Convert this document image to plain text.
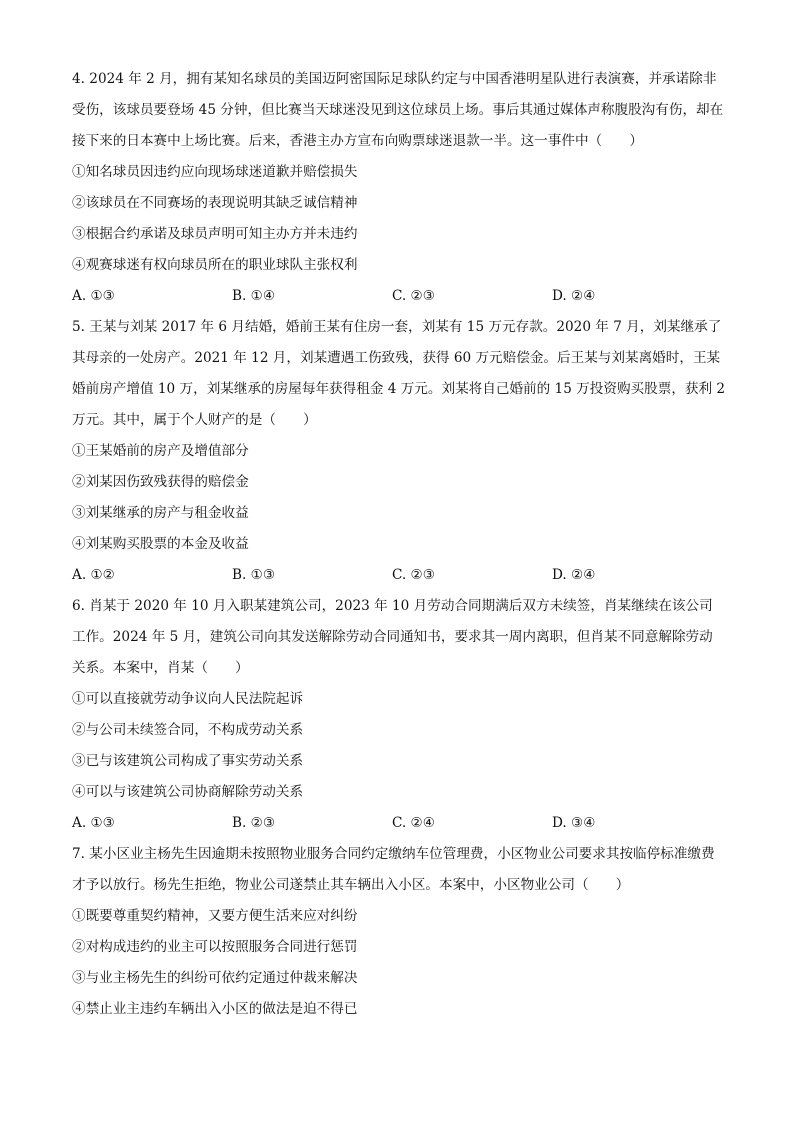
4. 2024 年 2 月，拥有某知名球员的美国迈阿密国际足球队约定与中国香港明星队进行表演赛，并承诺除非受伤，该球员要登场 45 分钟，但比赛当天球迷没见到这位球员上场。事后其通过媒体声称腹股沟有伤，却在接下来的日本赛中上场比赛。后来，香港主办方宣布向购票球迷退款一半。这一事件中（　　）

①知名球员因违约应向现场球迷道歉并赔偿损失

②该球员在不同赛场的表现说明其缺乏诚信精神

③根据合约承诺及球员声明可知主办方并未违约

④观赛球迷有权向球员所在的职业球队主张权利

A. ①③	B. ①④	C. ②③	D. ②④

5. 王某与刘某 2017 年 6 月结婚，婚前王某有住房一套，刘某有 15 万元存款。2020 年 7 月，刘某继承了其母亲的一处房产。2021 年 12 月，刘某遭遇工伤致残，获得 60 万元赔偿金。后王某与刘某离婚时，王某婚前房产增值 10 万，刘某继承的房屋每年获得租金 4 万元。刘某将自己婚前的 15 万投资购买股票，获利 2 万元。其中，属于个人财产的是（　　）

①王某婚前的房产及增值部分

②刘某因伤致残获得的赔偿金

③刘某继承的房产与租金收益

④刘某购买股票的本金及收益

A. ①②	B. ①③	C. ②③	D. ②④

6. 肖某于 2020 年 10 月入职某建筑公司，2023 年 10 月劳动合同期满后双方未续签，肖某继续在该公司工作。2024 年 5 月，建筑公司向其发送解除劳动合同通知书，要求其一周内离职，但肖某不同意解除劳动关系。本案中，肖某（　　）

①可以直接就劳动争议向人民法院起诉

②与公司未续签合同，不构成劳动关系

③已与该建筑公司构成了事实劳动关系

④可以与该建筑公司协商解除劳动关系

A. ①③	B. ②③	C. ②④	D. ③④

7. 某小区业主杨先生因逾期未按照物业服务合同约定缴纳车位管理费，小区物业公司要求其按临停标准缴费才予以放行。杨先生拒绝，物业公司遂禁止其车辆出入小区。本案中，小区物业公司（　　）

①既要尊重契约精神，又要方便生活来应对纠纷

②对构成违约的业主可以按照服务合同进行惩罚

③与业主杨先生的纠纷可依约定通过仲裁来解决

④禁止业主违约车辆出入小区的做法是迫不得已
